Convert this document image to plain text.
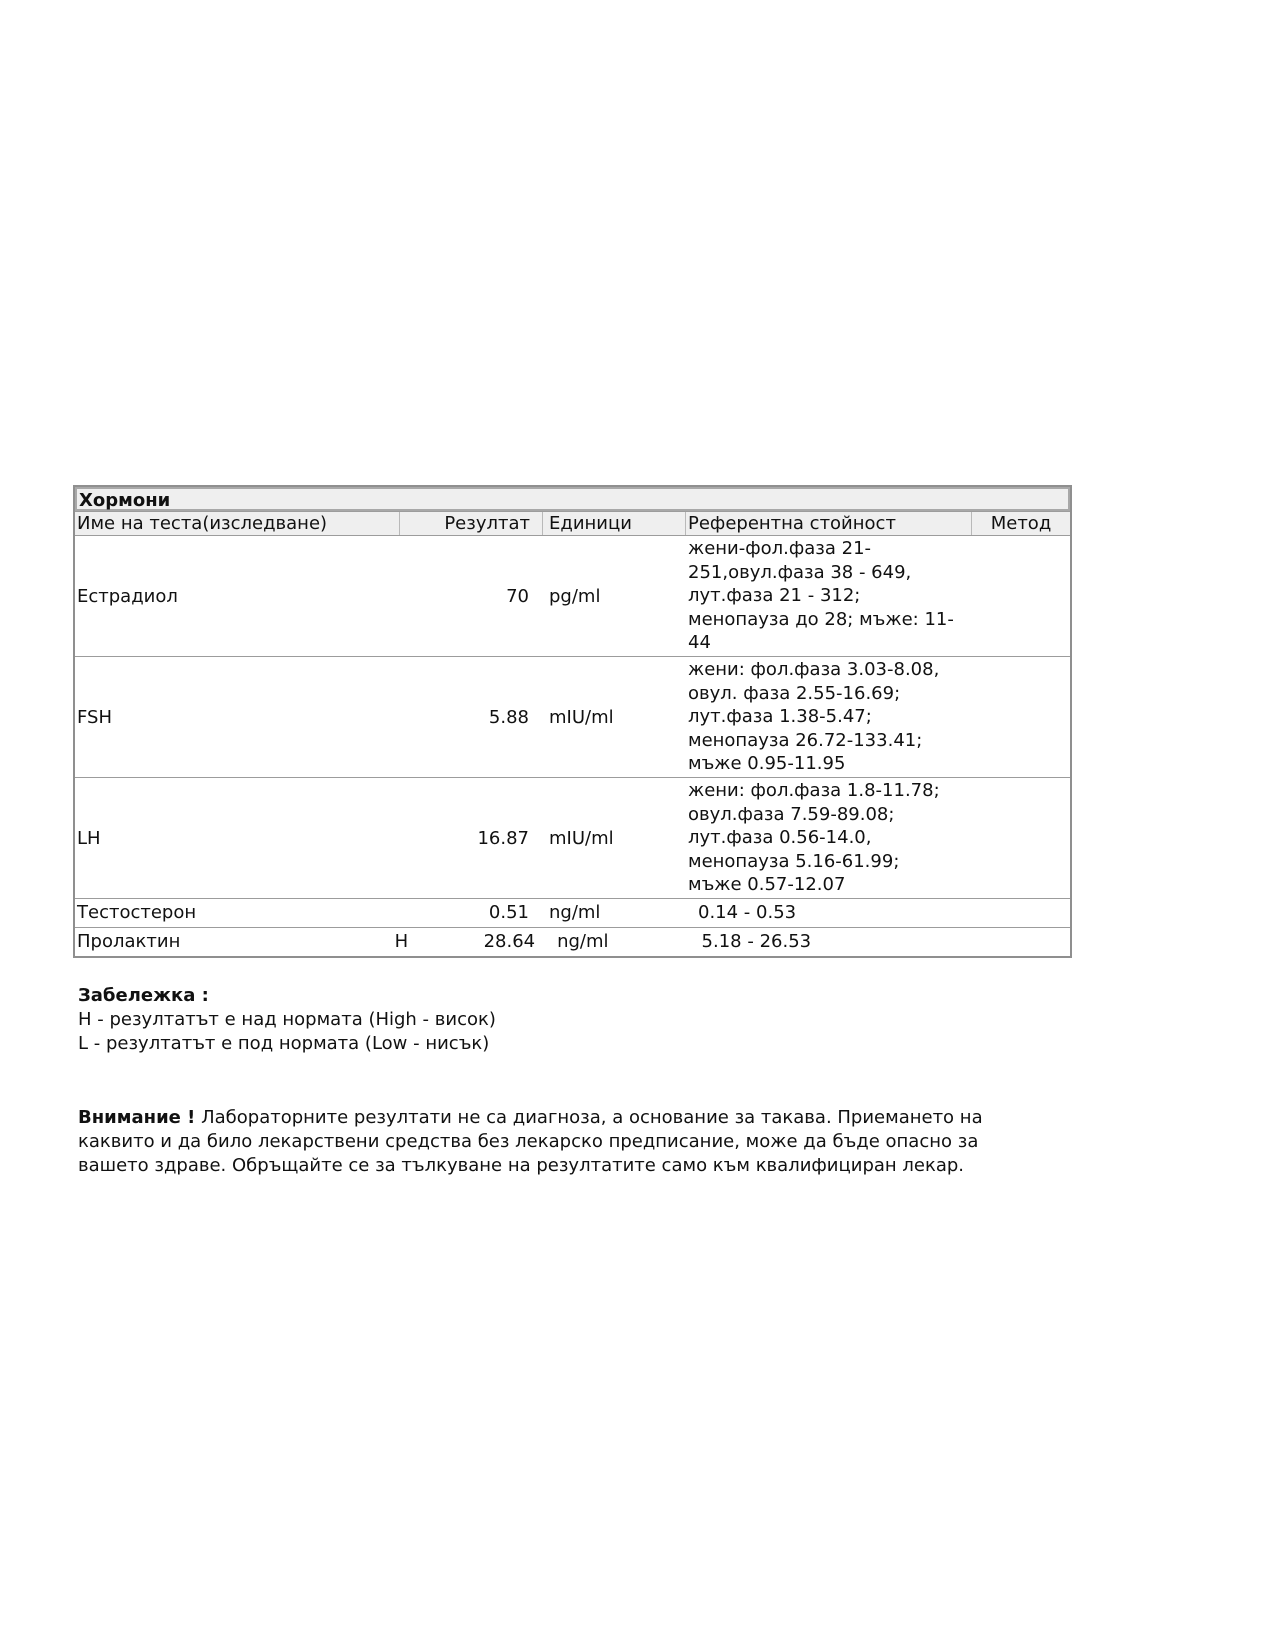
Хормони
Име на теста(изследване)	Резултат	Единици	Референтна стойност	Метод
Естрадиол	70	pg/ml
жени-фол.фаза 21-
251,овул.фаза 38 - 649,
лут.фаза 21 - 312;
менопауза до 28; мъже: 11-
44
FSH	5.88	mIU/ml
жени: фол.фаза 3.03-8.08,
овул. фаза 2.55-16.69;
лут.фаза 1.38-5.47;
менопауза 26.72-133.41;
мъже 0.95-11.95
LH	16.87	mIU/ml
жени: фол.фаза 1.8-11.78;
овул.фаза 7.59-89.08;
лут.фаза 0.56-14.0,
менопауза 5.16-61.99;
мъже 0.57-12.07
Тестостерон	0.51	ng/ml	0.14 - 0.53
Пролактин	H	28.64	ng/ml	5.18 - 26.53
Забележка :
H - резултатът е над нормата (High - висок)
L - резултатът е под нормата (Low - нисък)
Внимание ! Лабораторните резултати не са диагноза, а основание за такава. Приемането на каквито и да било лекарствени средства без лекарско предписание, може да бъде опасно за вашето здраве. Обръщайте се за тълкуване на резултатите само към квалифициран лекар.
